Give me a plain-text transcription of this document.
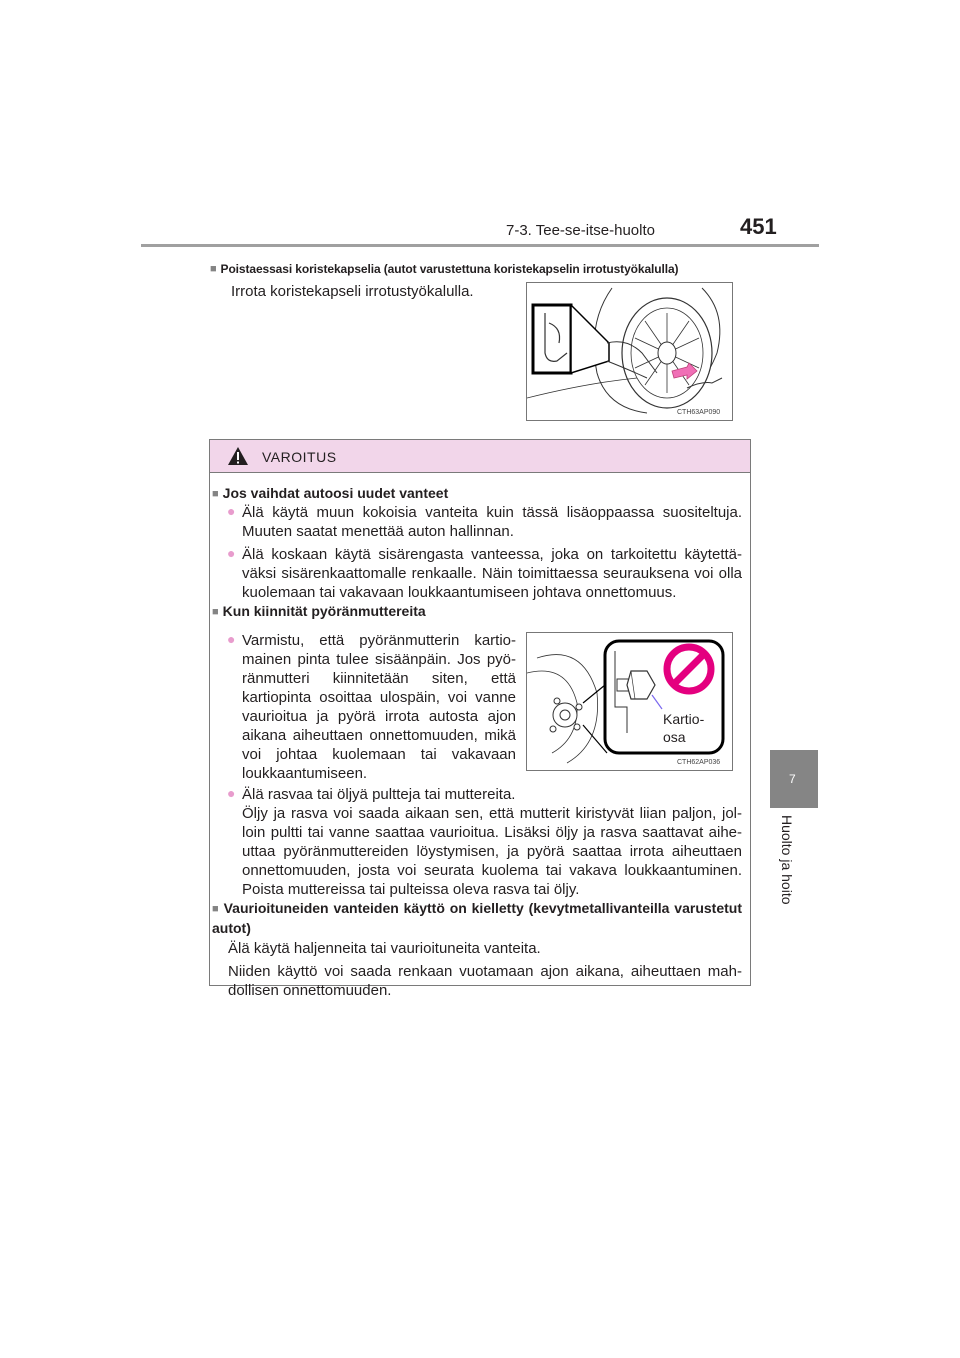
7-3. Tee-se-itse-huolto	451
7
Huolto ja hoito
■ Poistaessasi koristekapselia (autot varustettuna koristekapselin irrotustyökalulla)
Irrota koristekapseli irrotustyökalulla.
CTH63AP090
VAROITUS
■ Jos vaihdat autoosi uudet vanteet
● Älä käytä muun kokoisia vanteita kuin tässä lisäoppaassa suositeltuja. Muuten saatat menettää auton hallinnan.
● Älä koskaan käytä sisärengasta vanteessa, joka on tarkoitettu käytettä-väksi sisärenkaattomalle renkaalle. Näin toimittaessa seurauksena voi olla kuolemaan tai vakavaan loukkaantumiseen johtava onnettomuus.
■ Kun kiinnität pyöränmuttereita
● Varmistu, että pyöränmutterin kartio-mainen pinta tulee sisäänpäin. Jos pyö-ränmutteri kiinnitetään siten, että kartiopinta osoittaa ulospäin, voi vanne vaurioitua ja pyörä irrota autosta ajon aikana aiheuttaen onnettomuuden, mikä voi johtaa kuolemaan tai vakavaan loukkaantumiseen.
● Älä rasvaa tai öljyä pultteja tai muttereita.
Öljy ja rasva voi saada aikaan sen, että mutterit kiristyvät liian paljon, jol-loin pultti tai vanne saattaa vaurioitua. Lisäksi öljy ja rasva saattavat aihe-uttaa pyöränmuttereiden löystymisen, ja pyörä saattaa irrota aiheuttaen onnettomuuden, josta voi seurata kuolema tai vakava loukkaantuminen. Poista muttereissa tai pulteissa oleva rasva tai öljy.
■ Vaurioituneiden vanteiden käyttö on kielletty (kevytmetallivanteilla varustetut autot)
Älä käytä haljenneita tai vaurioituneita vanteita.
Niiden käyttö voi saada renkaan vuotamaan ajon aikana, aiheuttaen mah-dollisen onnettomuuden.
Kartio-
osa
CTH62AP036
